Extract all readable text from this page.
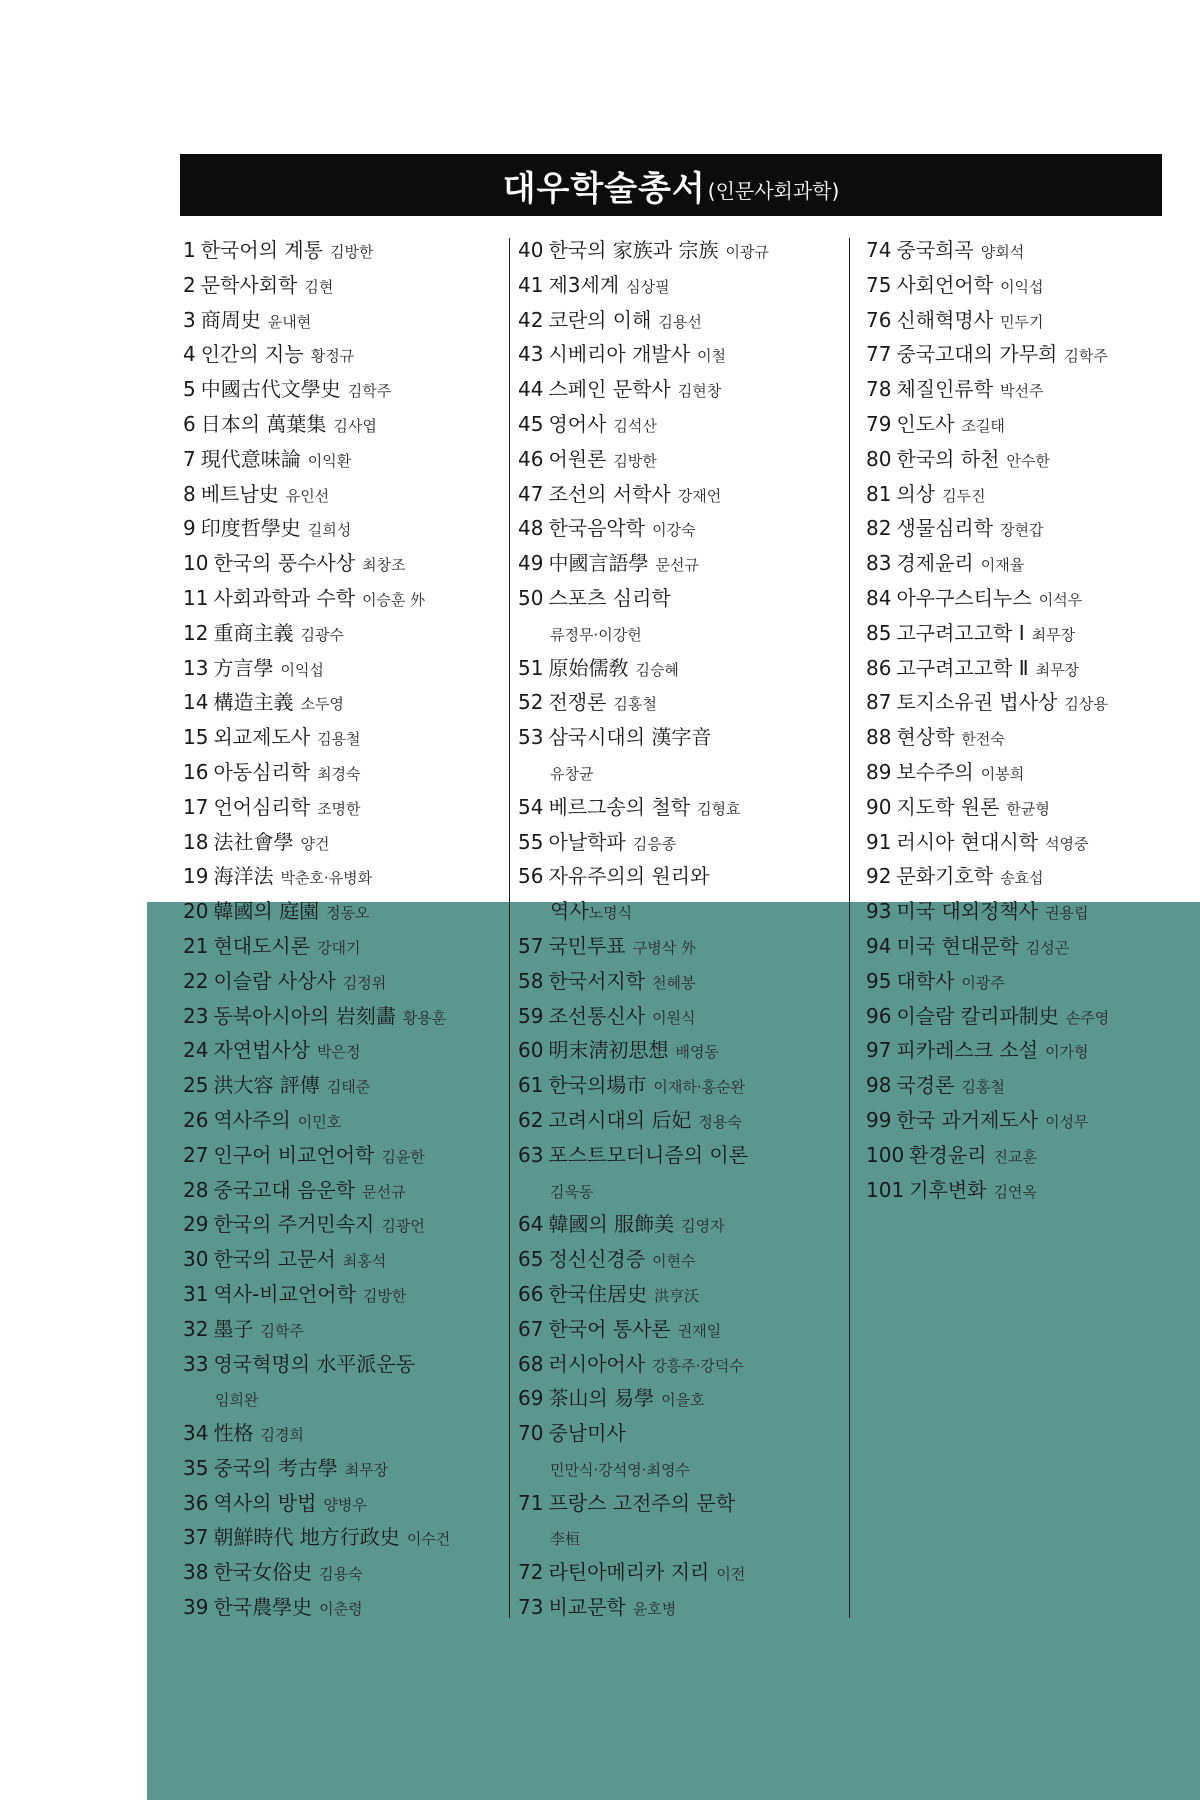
대우학술총서 (인문사회과학)
1 한국어의 계통 김방한
2 문학사회학 김현
3 商周史 윤내현
4 인간의 지능 황정규
5 中國古代文學史 김학주
6 日本의 萬葉集 김사엽
7 現代意味論 이익환
8 베트남史 유인선
9 印度哲學史 길희성
10 한국의 풍수사상 최창조
11 사회과학과 수학 이승훈 外
12 重商主義 김광수
13 方言學 이익섭
14 構造主義 소두영
15 외교제도사 김용철
16 아동심리학 최경숙
17 언어심리학 조명한
18 法社會學 양건
19 海洋法 박춘호·유병화
20 韓國의 庭園 정동오
21 현대도시론 강대기
22 이슬람 사상사 김정위
23 동북아시아의 岩刻畵 황용훈
24 자연법사상 박은정
25 洪大容 評傳 김태준
26 역사주의 이민호
27 인구어 비교언어학 김윤한
28 중국고대 음운학 문선규
29 한국의 주거민속지 김광언
30 한국의 고문서 최홍석
31 역사-비교언어학 김방한
32 墨子 김학주
33 영국혁명의 水平派운동
임희완
34 性格 김경희
35 중국의 考古學 최무장
36 역사의 방법 양병우
37 朝鮮時代 地方行政史 이수건
38 한국女俗史 김용숙
39 한국農學史 이춘령
40 한국의 家族과 宗族 이광규
41 제3세계 심상필
42 코란의 이해 김용선
43 시베리아 개발사 이철
44 스페인 문학사 김현창
45 영어사 김석산
46 어원론 김방한
47 조선의 서학사 강재언
48 한국음악학 이강숙
49 中國言語學 문선규
50 스포츠 심리학
류정무·이강헌
51 原始儒敎 김승혜
52 전쟁론 김홍철
53 삼국시대의 漢字音
유창균
54 베르그송의 철학 김형효
55 아날학파 김응종
56 자유주의의 원리와
역사노명식
57 국민투표 구병삭 外
58 한국서지학 천혜봉
59 조선통신사 이원식
60 明末淸初思想 배영동
61 한국의場市 이재하·홍순완
62 고려시대의 后妃 정용숙
63 포스트모더니즘의 이론
김욱동
64 韓國의 服飾美 김영자
65 정신신경증 이현수
66 한국住居史 洪亨沃
67 한국어 통사론 권재일
68 러시아어사 강흥주·강덕수
69 茶山의 易學 이을호
70 중남미사
민만식·강석영·최영수
71 프랑스 고전주의 문학
李桓
72 라틴아메리카 지리 이전
73 비교문학 윤호병
74 중국희곡 양회석
75 사회언어학 이익섭
76 신해혁명사 민두기
77 중국고대의 가무희 김학주
78 체질인류학 박선주
79 인도사 조길태
80 한국의 하천 안수한
81 의상 김두진
82 생물심리학 장현갑
83 경제윤리 이재율
84 아우구스티누스 이석우
85 고구려고고학 Ⅰ 최무장
86 고구려고고학 Ⅱ 최무장
87 토지소유권 법사상 김상용
88 현상학 한전숙
89 보수주의 이봉희
90 지도학 원론 한균형
91 러시아 현대시학 석영중
92 문화기호학 송효섭
93 미국 대외정책사 권용립
94 미국 현대문학 김성곤
95 대학사 이광주
96 이슬람 칼리파制史 손주영
97 피카레스크 소설 이가형
98 국경론 김홍철
99 한국 과거제도사 이성무
100 환경윤리 진교훈
101 기후변화 김연옥
